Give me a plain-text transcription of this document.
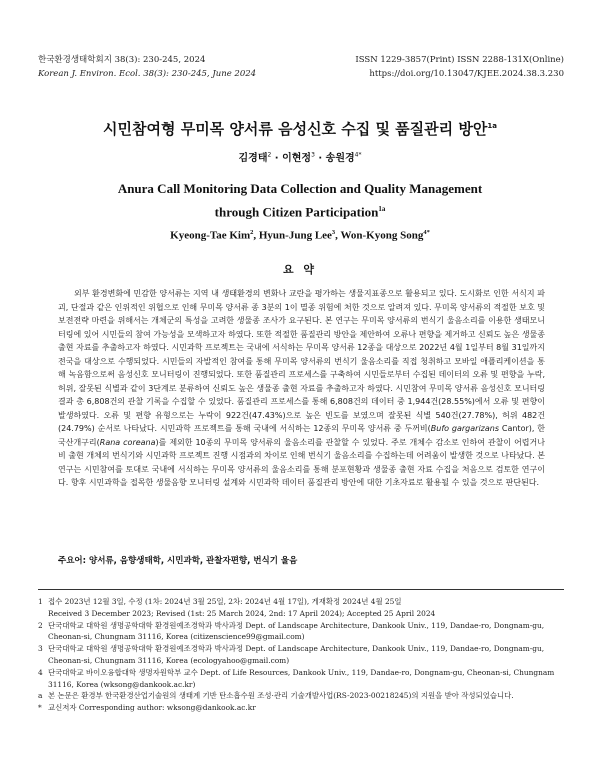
한국환경생태학회지 38(3): 230-245, 2024
Korean J. Environ. Ecol. 38(3): 230-245, June 2024
ISSN 1229-3857(Print) ISSN 2288-131X(Online)
https://doi.org/10.13047/KJEE.2024.38.3.230
시민참여형 무미목 양서류 음성신호 수집 및 품질관리 방안$^{1a}$
김경태$^2$ · 이현정$^3$ · 송원경$^{4*}$
Anura Call Monitoring Data Collection and Quality Management
through Citizen Participation$^{1a}$
Kyeong-Tae Kim$^2$, Hyun-Jung Lee$^3$, Won-Kyong Song$^{4*}$
요 약

외부 환경변화에 민감한 양서류는 지역 내 생태환경의 변화나 교란을 평가하는 생물지표종으로 활용되고 있다. 도시화로 인한 서식지 파괴, 단절과 같은 인위적인 위협으로 인해 무미목 양서류 종 3분의 1이 멸종 위험에 처한 것으로 알려져 있다. 무미목 양서류의 적절한 보호 및 보전전략 마련을 위해서는 개체군의 특성을 고려한 생물종 조사가 요구된다. 본 연구는 무미목 양서류의 번식기 울음소리를 이용한 생태모니터링에 있어 시민들의 참여 가능성을 모색하고자 하였다. 또한 적절한 품질관리 방안을 제안하여 오류나 편향을 제거하고 신뢰도 높은 생물종 출현 자료를 추출하고자 하였다. 시민과학 프로젝트는 국내에 서식하는 무미목 양서류 12종을 대상으로 2022년 4월 1일부터 8월 31일까지 전국을 대상으로 수행되었다. 시민들의 자발적인 참여를 통해 무미목 양서류의 번식기 울음소리를 직접 청취하고 모바일 애플리케이션을 통해 녹음함으로써 음성신호 모니터링이 진행되었다. 또한 품질관리 프로세스를 구축하여 시민들로부터 수집된 데이터의 오류 및 편향을 누락, 허위, 잘못된 식별과 같이 3단계로 분류하여 신뢰도 높은 생물종 출현 자료를 추출하고자 하였다. 시민참여 무미목 양서류 음성신호 모니터링 결과 총 6,808건의 관찰 기록을 수집할 수 있었다. 품질관리 프로세스를 통해 6,808건의 데이터 중 1,944건(28.55%)에서 오류 및 편향이 발생하였다. 오류 및 편향 유형으로는 누락이 922건(47.43%)으로 높은 빈도를 보였으며 잘못된 식별 540건(27.78%), 허위 482건(24.79%) 순서로 나타났다. 시민과학 프로젝트를 통해 국내에 서식하는 12종의 무미목 양서류 중 두꺼비(Bufo gargarizans Cantor), 한국산개구리(Rana coreana)를 제외한 10종의 무미목 양서류의 울음소리를 관찰할 수 있었다. 주로 개체수 감소로 인하여 관찰이 어렵거나 비 출현 개체의 번식기와 시민과학 프로젝트 진행 시점과의 차이로 인해 번식기 울음소리를 수집하는데 어려움이 발생한 것으로 나타났다. 본 연구는 시민참여를 토대로 국내에 서식하는 무미목 양서류의 울음소리를 통해 분포현황과 생물종 출현 자료 수집을 처음으로 검토한 연구이다. 향후 시민과학을 접목한 생물음향 모니터링 설계와 시민과학 데이터 품질관리 방안에 대한 기초자료로 활용될 수 있을 것으로 판단된다.

주요어: 양서류, 음향생태학, 시민과학, 관찰자편향, 번식기 울음
1 접수 2023년 12월 3일, 수정 (1차: 2024년 3월 25일, 2차: 2024년 4월 17일), 게재확정 2024년 4월 25일
Received 3 December 2023; Revised (1st: 25 March 2024, 2nd: 17 April 2024); Accepted 25 April 2024
2 단국대학교 대학원 생명공학대학 환경원예조경학과 박사과정 Dept. of Landscape Architecture, Dankook Univ., 119, Dandae-ro, Dongnam-gu, Cheonan-si, Chungnam 31116, Korea (citizenscience99@gmail.com)
3 단국대학교 대학원 생명공학대학 환경원예조경학과 박사과정 Dept. of Landscape Architecture, Dankook Univ., 119, Dandae-ro, Dongnam-gu, Cheonan-si, Chungnam 31116, Korea (ecologyahoo@gmail.com)
4 단국대학교 바이오융합대학 생명자원학부 교수 Dept. of Life Resources, Dankook Univ., 119, Dandae-ro, Dongnam-gu, Cheonan-si, Chungnam 31116, Korea (wksong@dankook.ac.kr)
a 본 논문은 환경부 한국환경산업기술원의 생태계 기반 탄소흡수원 조성·관리 기술개발사업(RS-2023-00218245)의 지원을 받아 작성되었습니다.
* 교신저자 Corresponding author: wksong@dankook.ac.kr
